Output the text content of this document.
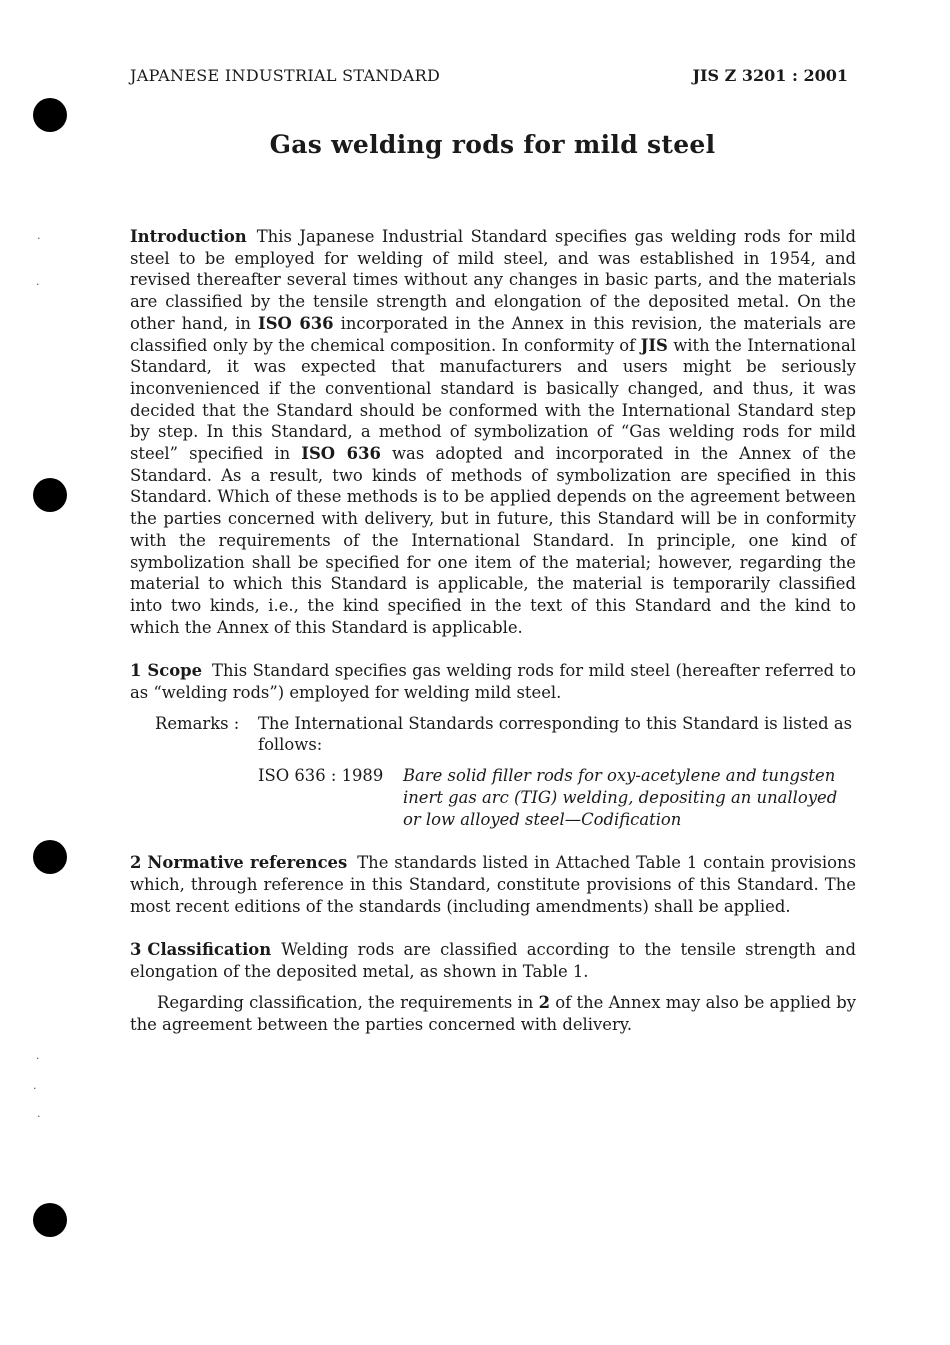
·
·
·
·
·
JAPANESE INDUSTRIAL STANDARD	JIS Z 3201 : 2001
Gas welding rods for mild steel

Introduction This Japanese Industrial Standard specifies gas welding rods for mild steel to be employed for welding of mild steel, and was established in 1954, and revised thereafter several times without any changes in basic parts, and the materials are classified by the tensile strength and elongation of the deposited metal. On the other hand, in ISO 636 incorporated in the Annex in this revision, the materials are classified only by the chemical composition. In conformity of JIS with the International Standard, it was expected that manufacturers and users might be seriously inconvenienced if the conventional standard is basically changed, and thus, it was decided that the Standard should be conformed with the International Standard step by step. In this Standard, a method of symbolization of “Gas welding rods for mild steel” specified in ISO 636 was adopted and incorporated in the Annex of the Standard. As a result, two kinds of methods of symbolization are specified in this Standard. Which of these methods is to be applied depends on the agreement between the parties concerned with delivery, but in future, this Standard will be in conformity with the requirements of the International Standard. In principle, one kind of symbolization shall be specified for one item of the material; however, regarding the material to which this Standard is applicable, the material is temporarily classified into two kinds, i.e., the kind specified in the text of this Standard and the kind to which the Annex of this Standard is applicable.

1 Scope This Standard specifies gas welding rods for mild steel (hereafter referred to as “welding rods”) employed for welding mild steel.

Remarks :	The International Standards corresponding to this Standard is listed as follows:
ISO 636 : 1989	Bare solid filler rods for oxy-acetylene and tungsten inert gas arc (TIG) welding, depositing an unalloyed or low alloyed steel—Codification

2 Normative references The standards listed in Attached Table 1 contain provisions which, through reference in this Standard, constitute provisions of this Standard. The most recent editions of the standards (including amendments) shall be applied.

3 Classification Welding rods are classified according to the tensile strength and elongation of the deposited metal, as shown in Table 1.

Regarding classification, the requirements in 2 of the Annex may also be applied by the agreement between the parties concerned with delivery.
